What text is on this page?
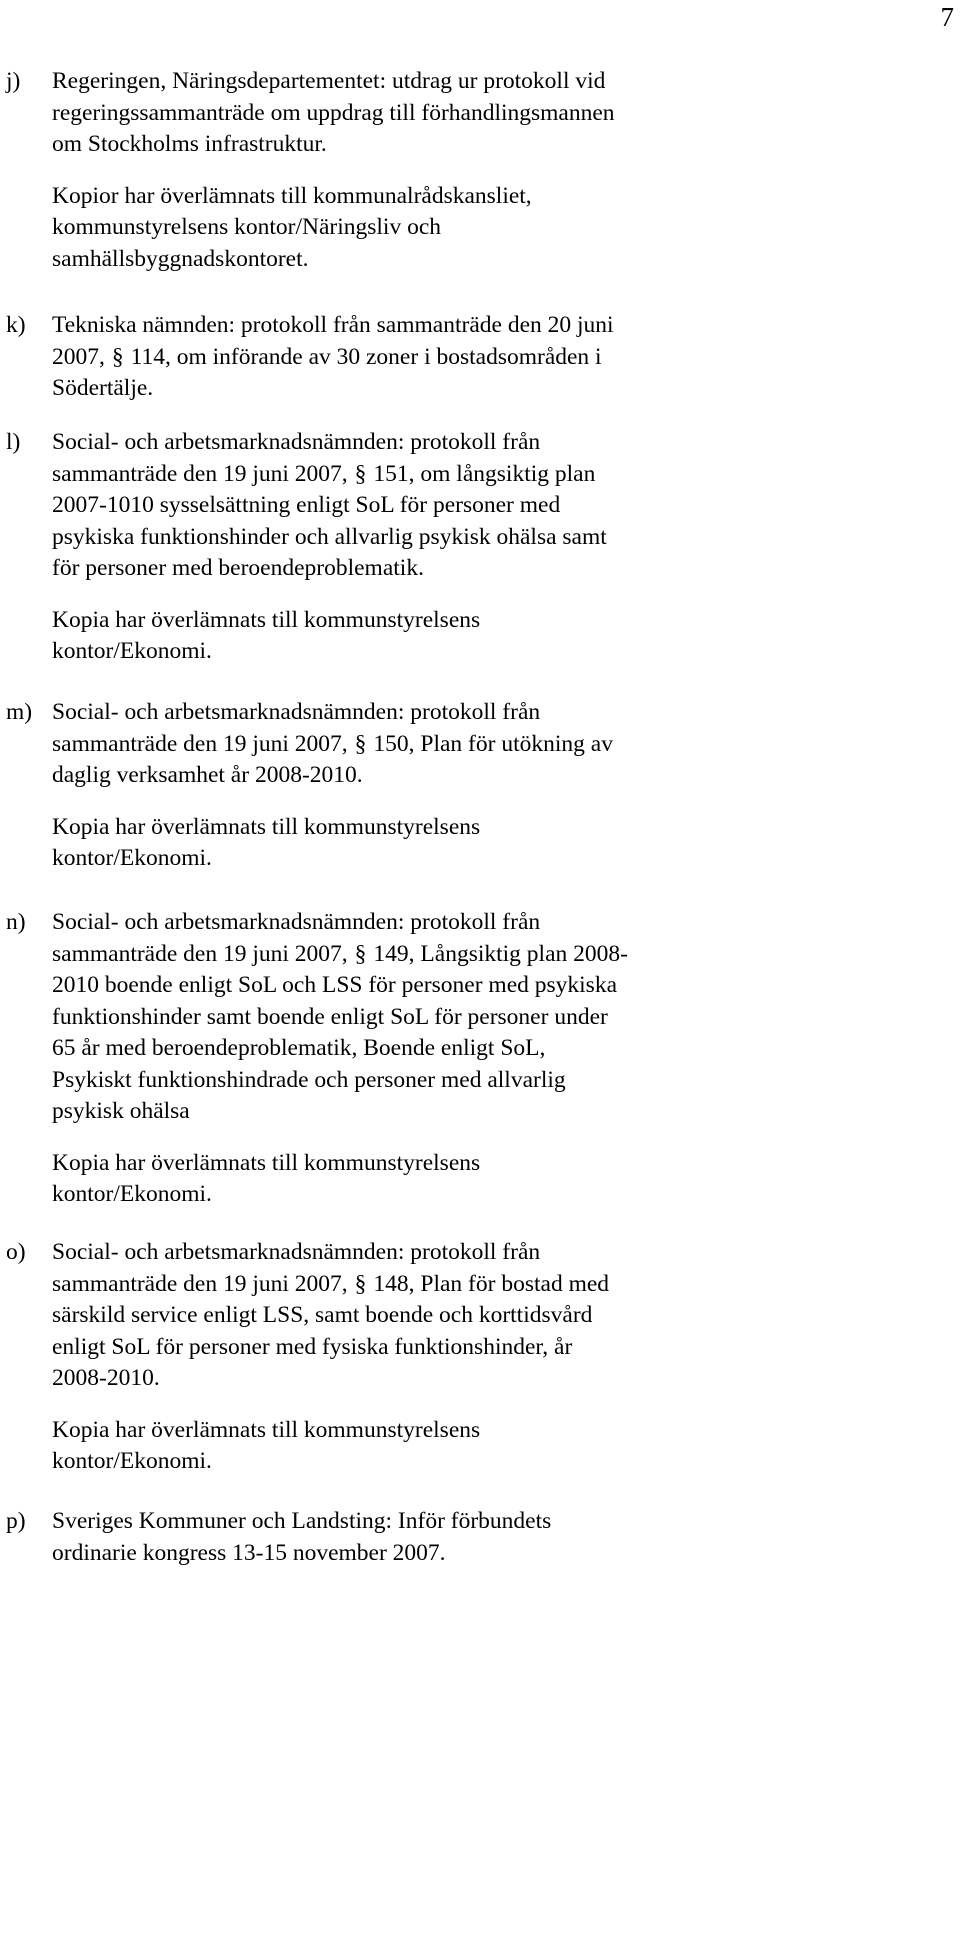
7
j) Regeringen, Näringsdepartementet: utdrag ur protokoll vid
regeringssammanträde om uppdrag till förhandlingsmannen
om Stockholms infrastruktur.
Kopior har överlämnats till kommunalrådskansliet,
kommunstyrelsens kontor/Näringsliv och
samhällsbyggnadskontoret.
k) Tekniska nämnden: protokoll från sammanträde den 20 juni
2007, § 114, om införande av 30 zoner i bostadsområden i
Södertälje.
l) Social- och arbetsmarknadsnämnden: protokoll från
sammanträde den 19 juni 2007, § 151, om långsiktig plan
2007-1010 sysselsättning enligt SoL för personer med
psykiska funktionshinder och allvarlig psykisk ohälsa samt
för personer med beroendeproblematik.
Kopia har överlämnats till kommunstyrelsens
kontor/Ekonomi.
m) Social- och arbetsmarknadsnämnden: protokoll från
sammanträde den 19 juni 2007, § 150, Plan för utökning av
daglig verksamhet år 2008-2010.
Kopia har överlämnats till kommunstyrelsens
kontor/Ekonomi.
n) Social- och arbetsmarknadsnämnden: protokoll från
sammanträde den 19 juni 2007, § 149, Långsiktig plan 2008-
2010 boende enligt SoL och LSS för personer med psykiska
funktionshinder samt boende enligt SoL för personer under
65 år med beroendeproblematik, Boende enligt SoL,
Psykiskt funktionshindrade och personer med allvarlig
psykisk ohälsa
Kopia har överlämnats till kommunstyrelsens
kontor/Ekonomi.
o) Social- och arbetsmarknadsnämnden: protokoll från
sammanträde den 19 juni 2007, § 148, Plan för bostad med
särskild service enligt LSS, samt boende och korttidsvård
enligt SoL för personer med fysiska funktionshinder, år
2008-2010.
Kopia har överlämnats till kommunstyrelsens
kontor/Ekonomi.
p) Sveriges Kommuner och Landsting: Inför förbundets
ordinarie kongress 13-15 november 2007.
